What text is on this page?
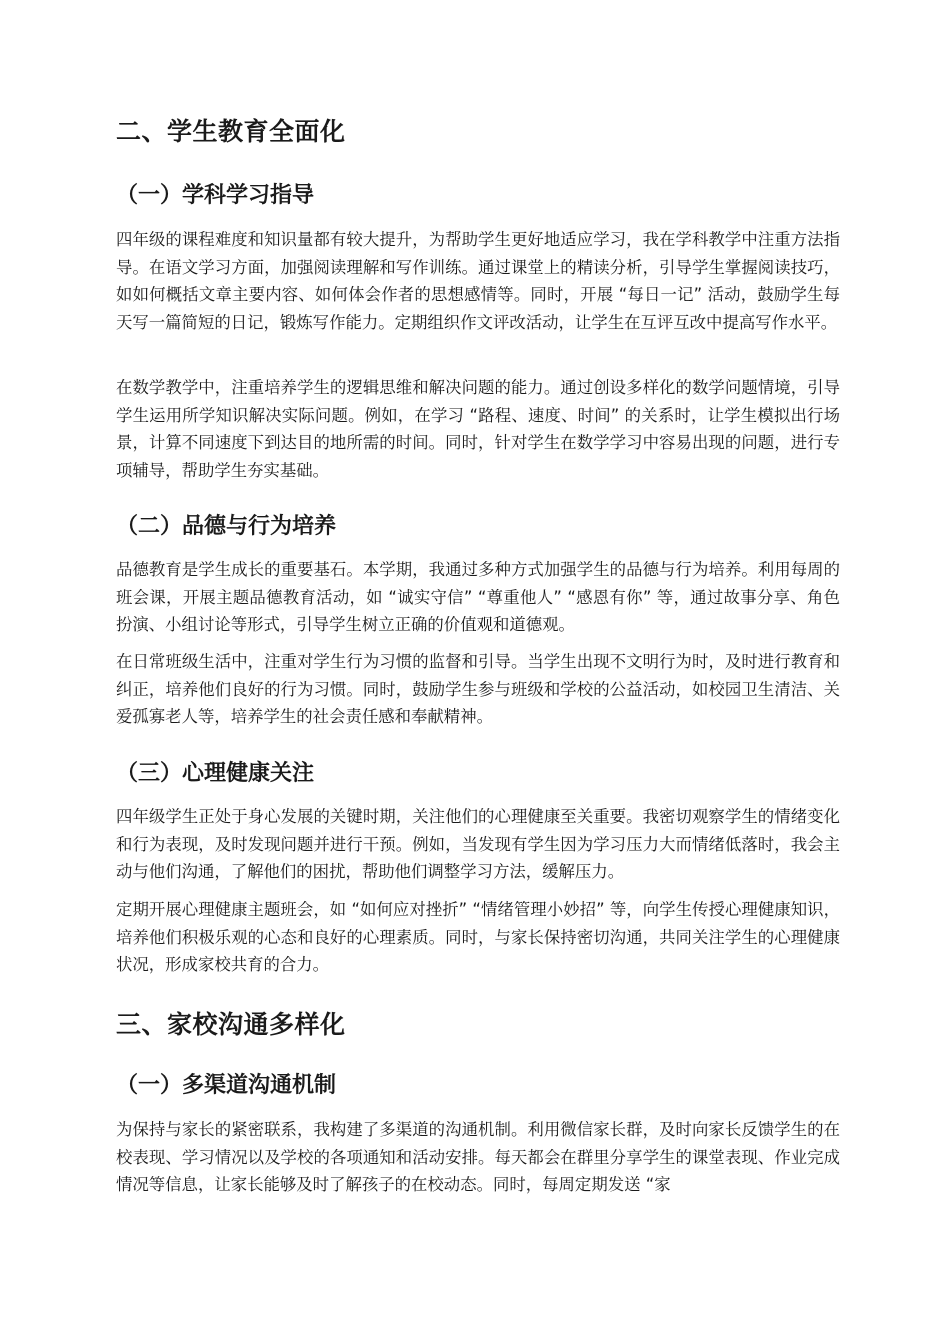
二、学生教育全面化
（一）学科学习指导
四年级的课程难度和知识量都有较大提升，为帮助学生更好地适应学习，我在学科教学中注重方法指导。在语文学习方面，加强阅读理解和写作训练。通过课堂上的精读分析，引导学生掌握阅读技巧，如如何概括文章主要内容、如何体会作者的思想感情等。同时，开展 “每日一记” 活动，鼓励学生每天写一篇简短的日记，锻炼写作能力。定期组织作文评改活动，让学生在互评互改中提高写作水平。
在数学教学中，注重培养学生的逻辑思维和解决问题的能力。通过创设多样化的数学问题情境，引导学生运用所学知识解决实际问题。例如，在学习 “路程、速度、时间” 的关系时，让学生模拟出行场景，计算不同速度下到达目的地所需的时间。同时，针对学生在数学学习中容易出现的问题，进行专项辅导，帮助学生夯实基础。
（二）品德与行为培养
品德教育是学生成长的重要基石。本学期，我通过多种方式加强学生的品德与行为培养。利用每周的班会课，开展主题品德教育活动，如 “诚实守信” “尊重他人” “感恩有你” 等，通过故事分享、角色扮演、小组讨论等形式，引导学生树立正确的价值观和道德观。
在日常班级生活中，注重对学生行为习惯的监督和引导。当学生出现不文明行为时，及时进行教育和纠正，培养他们良好的行为习惯。同时，鼓励学生参与班级和学校的公益活动，如校园卫生清洁、关爱孤寡老人等，培养学生的社会责任感和奉献精神。
（三）心理健康关注
四年级学生正处于身心发展的关键时期，关注他们的心理健康至关重要。我密切观察学生的情绪变化和行为表现，及时发现问题并进行干预。例如，当发现有学生因为学习压力大而情绪低落时，我会主动与他们沟通，了解他们的困扰，帮助他们调整学习方法，缓解压力。
定期开展心理健康主题班会，如 “如何应对挫折” “情绪管理小妙招” 等，向学生传授心理健康知识，培养他们积极乐观的心态和良好的心理素质。同时，与家长保持密切沟通，共同关注学生的心理健康状况，形成家校共育的合力。
三、家校沟通多样化
（一）多渠道沟通机制
为保持与家长的紧密联系，我构建了多渠道的沟通机制。利用微信家长群，及时向家长反馈学生的在校表现、学习情况以及学校的各项通知和活动安排。每天都会在群里分享学生的课堂表现、作业完成情况等信息，让家长能够及时了解孩子的在校动态。同时，每周定期发送 “家
